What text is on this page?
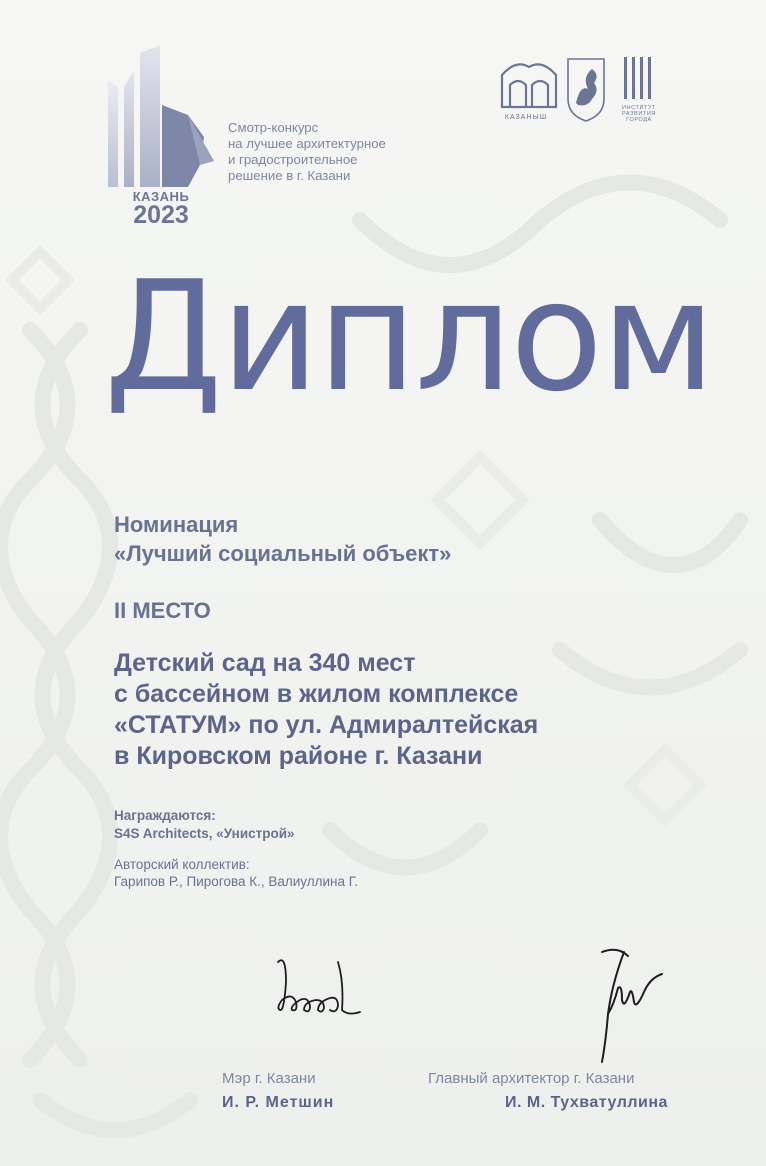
КАЗАНЬ
2023
Смотр-конкурс
на лучшее архитектурное
и градостроительное
решение в г. Казани
КАЗАНЫШ
ИНСТИТУТ
РАЗВИТИЯ
ГОРОДА
Диплом
Номинация
«Лучший социальный объект»
II МЕСТО
Детский сад на 340 мест
с бассейном в жилом комплексе
«СТАТУМ» по ул. Адмиралтейская
в Кировском районе г. Казани
Награждаются:
S4S Architects, «Унистрой»
Авторский коллектив:
Гарипов Р., Пирогова К., Валиуллина Г.
Мэр г. Казани
И. Р. Метшин
Главный архитектор г. Казани
И. М. Тухватуллина
